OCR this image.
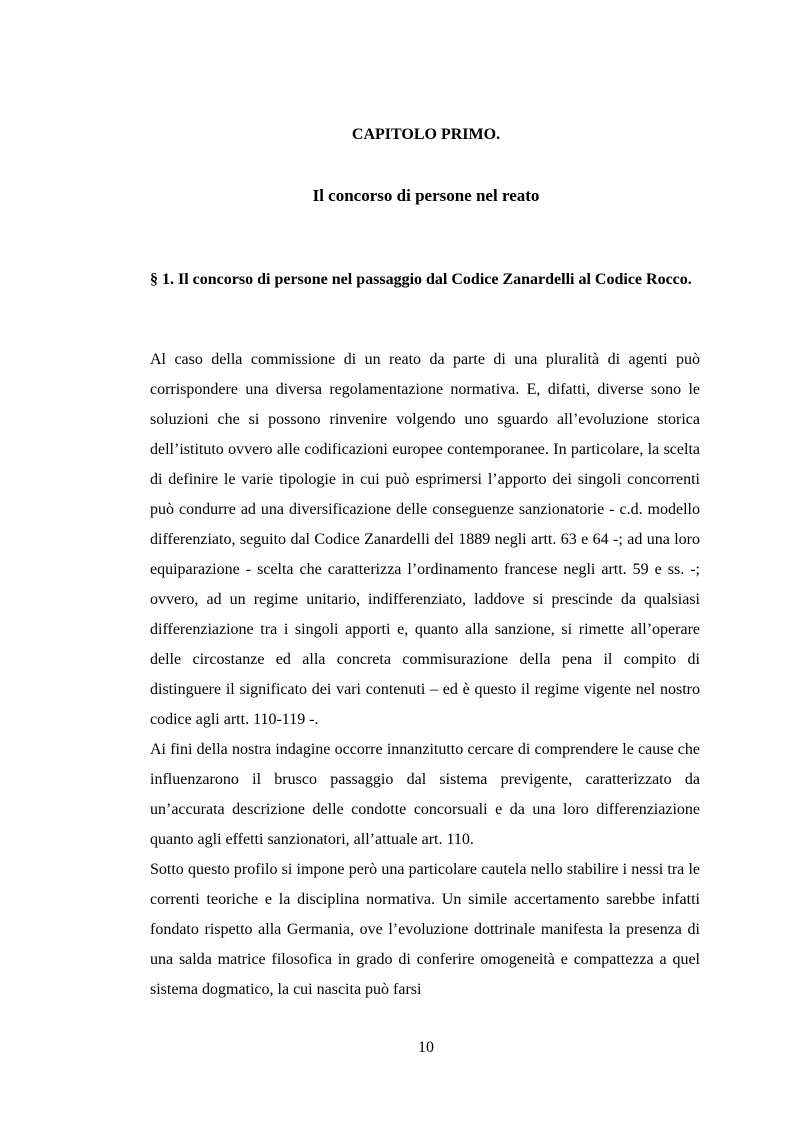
CAPITOLO PRIMO.
Il concorso di persone nel reato
§ 1. Il concorso di persone nel passaggio dal Codice Zanardelli al Codice Rocco.

Al caso della commissione di un reato da parte di una pluralità di agenti può corrispondere una diversa regolamentazione normativa. E, difatti, diverse sono le soluzioni che si possono rinvenire volgendo uno sguardo all’evoluzione storica dell’istituto ovvero alle codificazioni europee contemporanee. In particolare, la scelta di definire le varie tipologie in cui può esprimersi l’apporto dei singoli concorrenti può condurre ad una diversificazione delle conseguenze sanzionatorie - c.d. modello differenziato, seguito dal Codice Zanardelli del 1889 negli artt. 63 e 64 -; ad una loro equiparazione - scelta che caratterizza l’ordinamento francese negli artt. 59 e ss. -; ovvero, ad un regime unitario, indifferenziato, laddove si prescinde da qualsiasi differenziazione tra i singoli apporti e, quanto alla sanzione, si rimette all’operare delle circostanze ed alla concreta commisurazione della pena il compito di distinguere il significato dei vari contenuti – ed è questo il regime vigente nel nostro codice agli artt. 110-119 -.

Ai fini della nostra indagine occorre innanzitutto cercare di comprendere le cause che influenzarono il brusco passaggio dal sistema previgente, caratterizzato da un’accurata descrizione delle condotte concorsuali e da una loro differenziazione quanto agli effetti sanzionatori, all’attuale art. 110.

Sotto questo profilo si impone però una particolare cautela nello stabilire i nessi tra le correnti teoriche e la disciplina normativa. Un simile accertamento sarebbe infatti fondato rispetto alla Germania, ove l’evoluzione dottrinale manifesta la presenza di una salda matrice filosofica in grado di conferire omogeneità e compattezza a quel sistema dogmatico, la cui nascita può farsi

10
